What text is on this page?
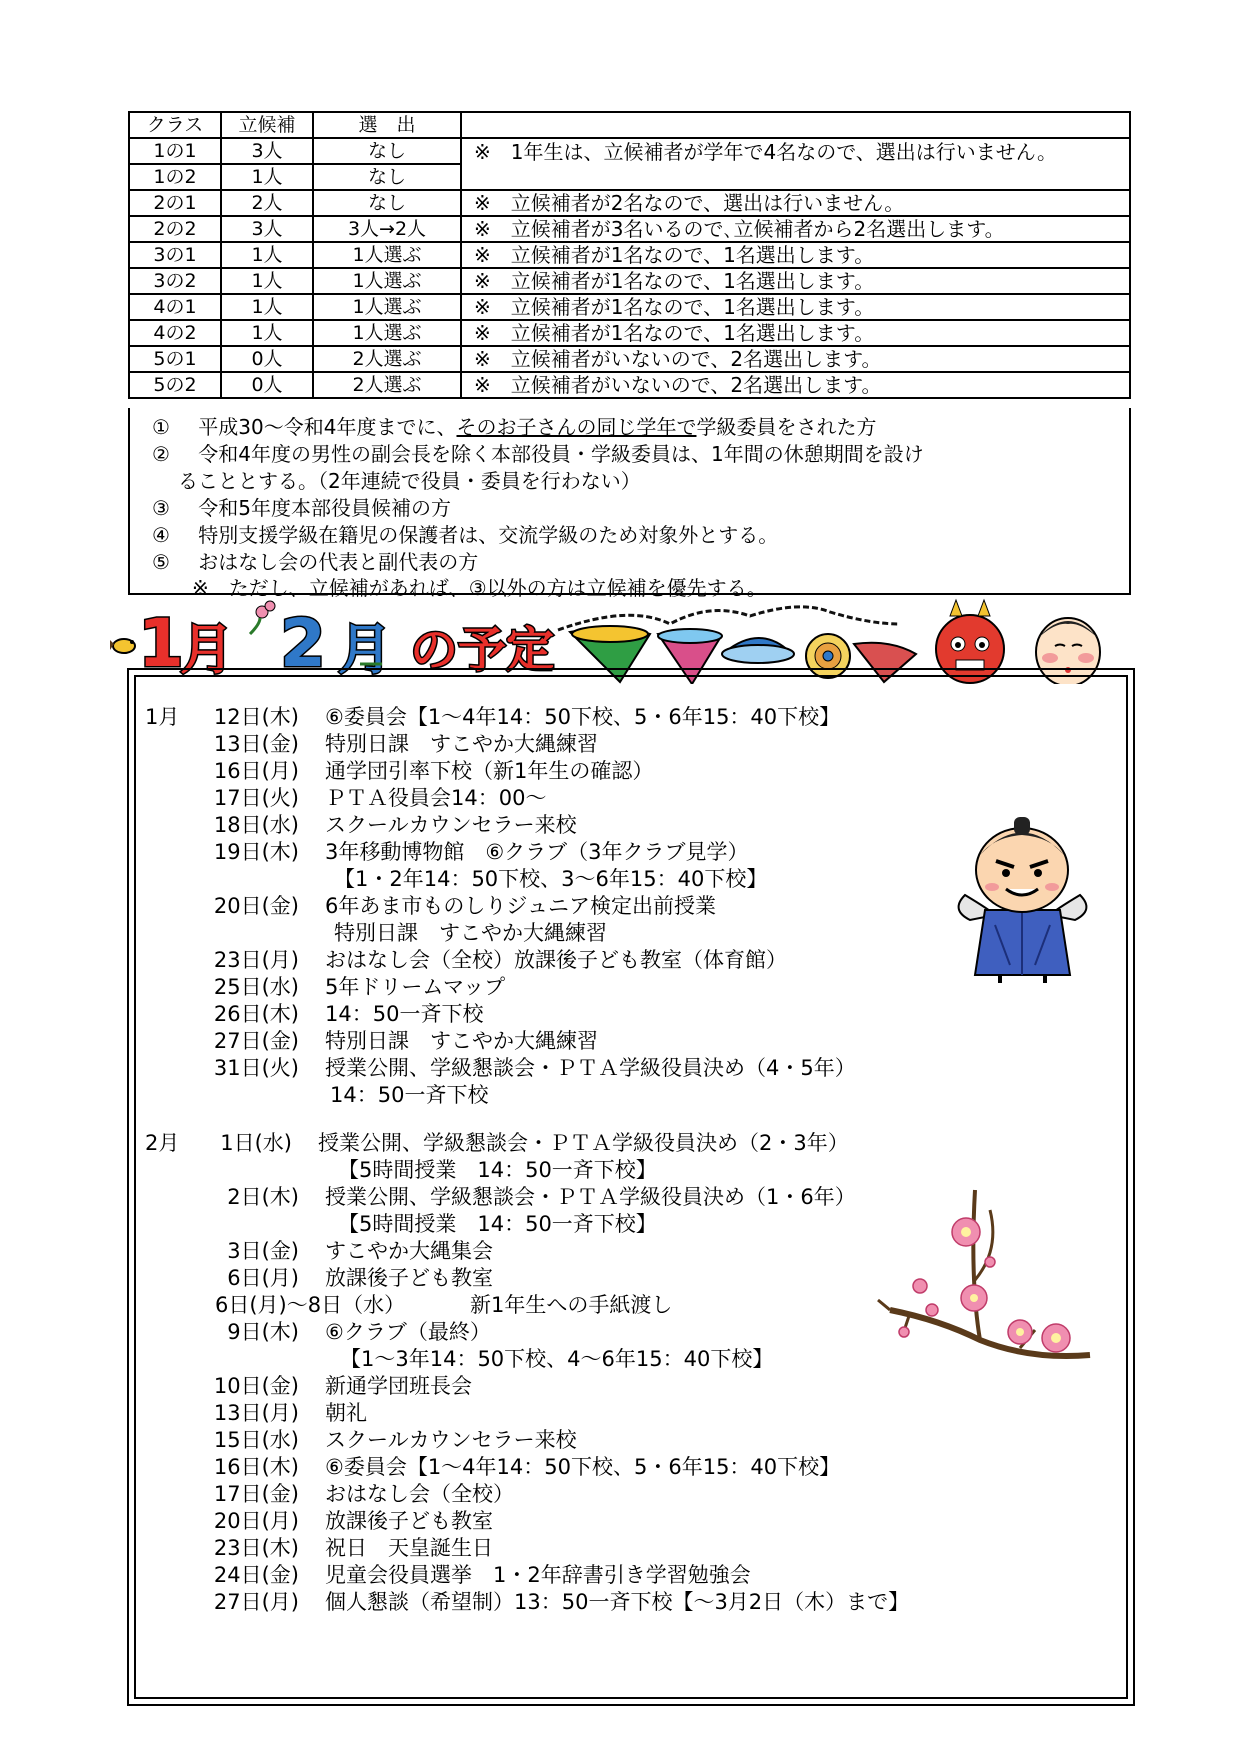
クラス	立候補	選　出	
1の1	3人	なし	※　1年生は、立候補者が学年で4名なので、選出は行いません。
1の2	1人	なし	
2の1	2人	なし	※　立候補者が2名なので、選出は行いません。
2の2	3人	3人→2人	※　立候補者が3名いるので､立候補者から2名選出します。
3の1	1人	1人選ぶ	※　立候補者が1名なので、1名選出します。
3の2	1人	1人選ぶ	※　立候補者が1名なので、1名選出します。
4の1	1人	1人選ぶ	※　立候補者が1名なので、1名選出します。
4の2	1人	1人選ぶ	※　立候補者が1名なので、1名選出します。
5の1	0人	2人選ぶ	※　立候補者がいないので、2名選出します。
5の2	0人	2人選ぶ	※　立候補者がいないので、2名選出します。
① 平成30～令和4年度までに、そのお子さんの同じ学年で学級委員をされた方
② 令和4年度の男性の副会長を除く本部役員・学級委員は、1年間の休憩期間を設け
ることとする。（2年連続で役員・委員を行わない）
③ 令和5年度本部役員候補の方
④ 特別支援学級在籍児の保護者は、交流学級のため対象外とする。
⑤ おはなし会の代表と副代表の方
※　ただし、立候補があれば、③以外の方は立候補を優先する。
1
月 2 月 の予定
1月 12日(木) ⑥委員会【1～4年14：50下校、5・6年15：40下校】
13日(金) 特別日課　すこやか大縄練習
16日(月) 通学団引率下校（新1年生の確認）
17日(火) ＰＴＡ役員会14：00～
18日(水) スクールカウンセラー来校
19日(木) 3年移動博物館　⑥クラブ（3年クラブ見学）
【1・2年14：50下校、3～6年15：40下校】
20日(金) 6年あま市ものしりジュニア検定出前授業
特別日課　すこやか大縄練習
23日(月) おはなし会（全校）放課後子ども教室（体育館）
25日(水) 5年ドリームマップ
26日(木) 14：50一斉下校
27日(金) 特別日課　すこやか大縄練習
31日(火) 授業公開、学級懇談会・ＰＴＡ学級役員決め（4・5年）
14：50一斉下校
2月 1日(水) 授業公開、学級懇談会・ＰＴＡ学級役員決め（2・3年）
【5時間授業　14：50一斉下校】
2日(木) 授業公開、学級懇談会・ＰＴＡ学級役員決め（1・6年）
【5時間授業　14：50一斉下校】
3日(金) すこやか大縄集会
6日(月) 放課後子ども教室
6日(月)～8日（水）	新1年生への手紙渡し
9日(木) ⑥クラブ（最終）
【1～3年14：50下校、4～6年15：40下校】
10日(金) 新通学団班長会
13日(月) 朝礼
15日(水) スクールカウンセラー来校
16日(木) ⑥委員会【1～4年14：50下校、5・6年15：40下校】
17日(金) おはなし会（全校）
20日(月) 放課後子ども教室
23日(木) 祝日　天皇誕生日
24日(金) 児童会役員選挙　1・2年辞書引き学習勉強会
27日(月) 個人懇談（希望制）13：50一斉下校【～3月2日（木）まで】
